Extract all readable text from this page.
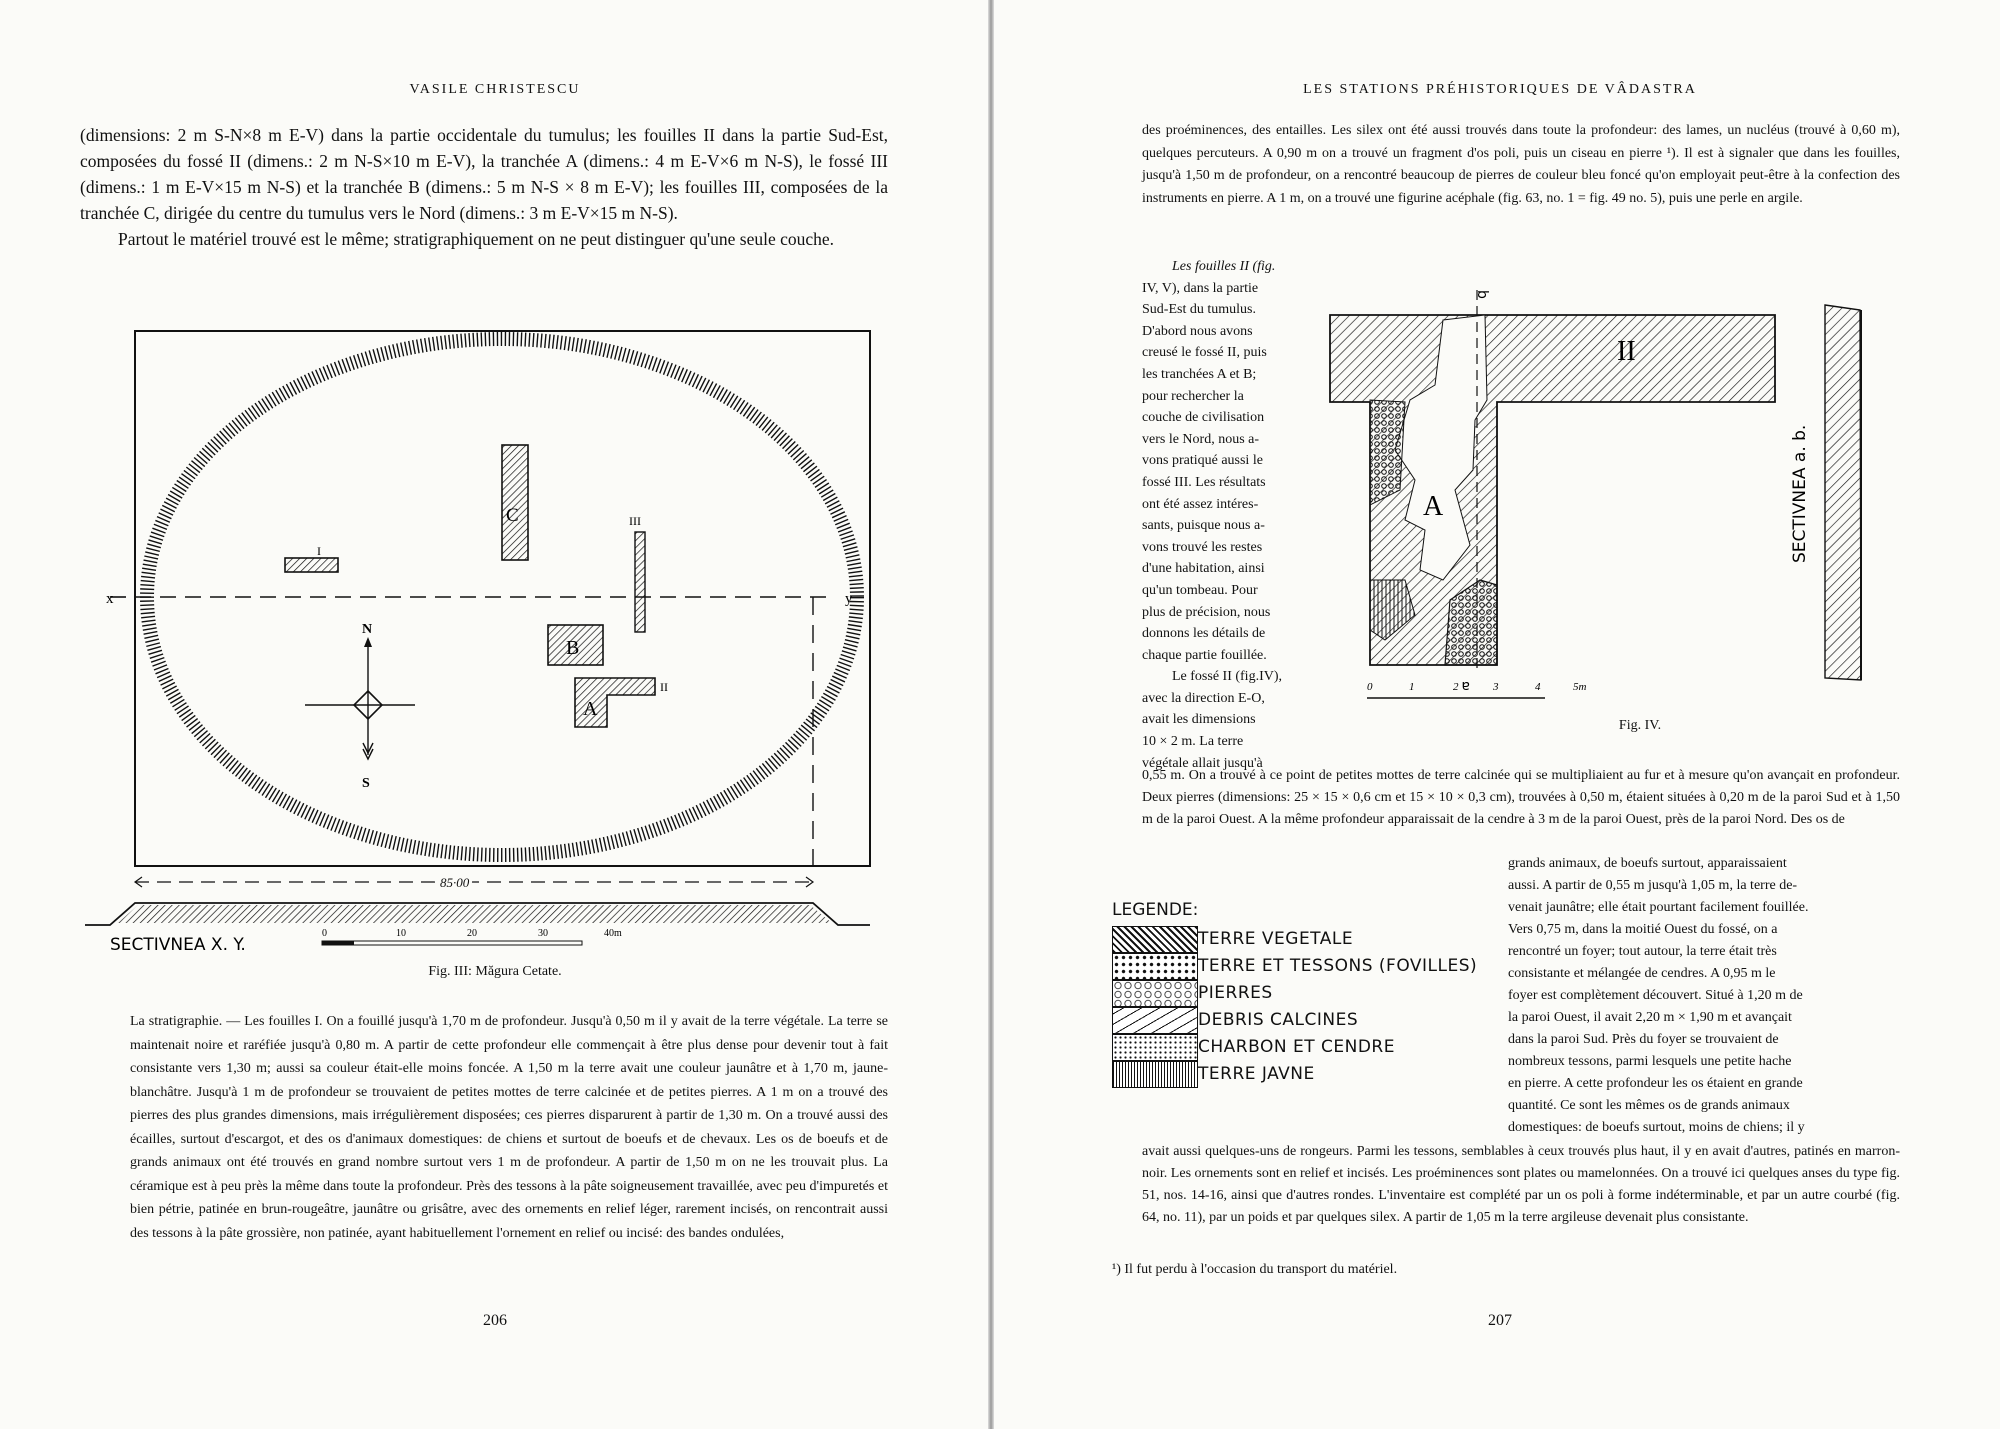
VASILE CHRISTESCU

(dimensions: 2 m S-N×8 m E-V) dans la partie occidentale du tumulus; les fouilles II dans la partie Sud-Est, composées du fossé II (dimens.: 2 m N-S×10 m E-V), la tranchée A (dimens.: 4 m E-V×6 m N-S), le fossé III (dimens.: 1 m E-V×15 m N-S) et la tranchée B (dimens.: 5 m N-S × 8 m E-V); les fouilles III, composées de la tranchée C, dirigée du centre du tumulus vers le Nord (dimens.: 3 m E-V×15 m N-S).

Partout le matériel trouvé est le même; stratigraphiquement on ne peut distinguer qu'une seule couche.

x	y
C
I
III
B
A
II
N
S
85·00
SECTIVNEA X. Y.
0	10	20	30	40m
Fig. III: Măgura Cetate.

La stratigraphie. — Les fouilles I. On a fouillé jusqu'à 1,70 m de profondeur. Jusqu'à 0,50 m il y avait de la terre végétale. La terre se maintenait noire et raréfiée jusqu'à 0,80 m. A partir de cette profondeur elle commençait à être plus dense pour devenir tout à fait consistante vers 1,30 m; aussi sa couleur était-elle moins foncée. A 1,50 m la terre avait une couleur jaunâtre et à 1,70 m, jaune-blanchâtre. Jusqu'à 1 m de profondeur se trouvaient de petites mottes de terre calcinée et de petites pierres. A 1 m on a trouvé des pierres des plus grandes dimensions, mais irrégulièrement disposées; ces pierres disparurent à partir de 1,30 m. On a trouvé aussi des écailles, surtout d'escargot, et des os d'animaux domestiques: de chiens et surtout de boeufs et de chevaux. Les os de boeufs et de grands animaux ont été trouvés en grand nombre surtout vers 1 m de profondeur. A partir de 1,50 m on ne les trouvait plus. La céramique est à peu près la même dans toute la profondeur. Près des tessons à la pâte soigneusement travaillée, avec peu d'impuretés et bien pétrie, patinée en brun-rougeâtre, jaunâtre ou grisâtre, avec des ornements en relief léger, rarement incisés, on rencontrait aussi des tessons à la pâte grossière, non patinée, ayant habituellement l'ornement en relief ou incisé: des bandes ondulées,

206
LES STATIONS PRÉHISTORIQUES DE VÂDASTRA

des proéminences, des entailles. Les silex ont été aussi trouvés dans toute la profondeur: des lames, un nucléus (trouvé à 0,60 m), quelques percuteurs. A 0,90 m on a trouvé un fragment d'os poli, puis un ciseau en pierre ¹). Il est à signaler que dans les fouilles, jusqu'à 1,50 m de profondeur, on a rencontré beaucoup de pierres de couleur bleu foncé qu'on employait peut-être à la confection des instruments en pierre. A 1 m, on a trouvé une figurine acéphale (fig. 63, no. 1 = fig. 49 no. 5), puis une perle en argile.

Les fouilles II (fig.
IV, V), dans la partie
Sud-Est du tumulus.
D'abord nous avons
creusé le fossé II, puis
les tranchées A et B;
pour rechercher la
couche de civilisation
vers le Nord, nous a-
vons pratiqué aussi le
fossé III. Les résultats
ont été assez intéres-
sants, puisque nous a-
vons trouvé les restes
d'une habitation, ainsi
qu'un tombeau. Pour
plus de précision, nous
donnons les détails de
chaque partie fouillée.
Le fossé II (fig.IV),
avec la direction E-O,
avait les dimensions
10 × 2 m. La terre
végétale allait jusqu'à
b
a
II
A	SECTIVNEA a. b.
0	1	2	3	4	5m
Fig. IV.

0,55 m. On a trouvé à ce point de petites mottes de terre calcinée qui se multipliaient au fur et à mesure qu'on avançait en profondeur. Deux pierres (dimensions: 25 × 15 × 0,6 cm et 15 × 10 × 0,3 cm), trouvées à 0,50 m, étaient situées à 0,20 m de la paroi Sud et à 1,50 m de la paroi Ouest. A la même profondeur apparaissait de la cendre à 3 m de la paroi Ouest, près de la paroi Nord. Des os de

grands animaux, de boeufs surtout, apparaissaient
aussi. A partir de 0,55 m jusqu'à 1,05 m, la terre de-
venait jaunâtre; elle était pourtant facilement fouillée.
Vers 0,75 m, dans la moitié Ouest du fossé, on a
rencontré un foyer; tout autour, la terre était très
consistante et mélangée de cendres. A 0,95 m le
foyer est complètement découvert. Situé à 1,20 m de
la paroi Ouest, il avait 2,20 m × 1,90 m et avançait
dans la paroi Sud. Près du foyer se trouvaient de
nombreux tessons, parmi lesquels une petite hache
en pierre. A cette profondeur les os étaient en grande
quantité. Ce sont les mêmes os de grands animaux
domestiques: de boeufs surtout, moins de chiens; il y
LEGENDE:
TERRE VEGETALE
TERRE ET TESSONS (FOVILLES)
PIERRES
DEBRIS CALCINES
CHARBON ET CENDRE
TERRE JAVNE

avait aussi quelques-uns de rongeurs. Parmi les tessons, semblables à ceux trouvés plus haut, il y en avait d'autres, patinés en marron-noir. Les ornements sont en relief et incisés. Les proéminences sont plates ou mamelonnées. On a trouvé ici quelques anses du type fig. 51, nos. 14-16, ainsi que d'autres rondes. L'inventaire est complété par un os poli à forme indéterminable, et par un autre courbé (fig. 64, no. 11), par un poids et par quelques silex. A partir de 1,05 m la terre argileuse devenait plus consistante.

¹) Il fut perdu à l'occasion du transport du matériel.
207
